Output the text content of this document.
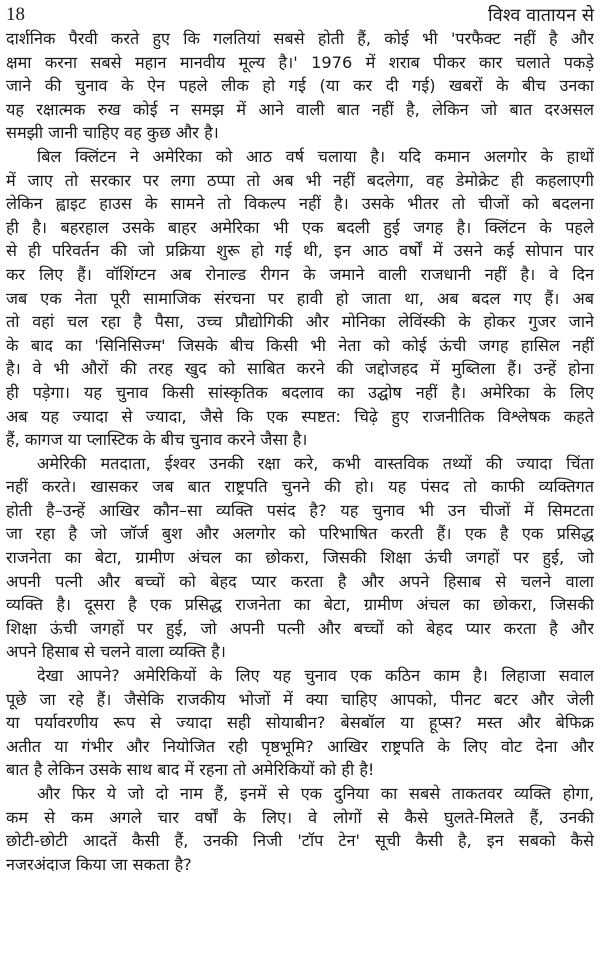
18	विश्व वातायन से
दार्शनिक पैरवी करते हुए कि गलतियां सबसे होती हैं, कोई भी 'परफैक्ट नहीं है और
क्षमा करना सबसे महान मानवीय मूल्य है।' 1976 में शराब पीकर कार चलाते पकड़े
जाने की चुनाव के ऐन पहले लीक हो गई (या कर दी गई) खबरों के बीच उनका
यह रक्षात्मक रुख कोई न समझ में आने वाली बात नहीं है, लेकिन जो बात दरअसल
समझी जानी चाहिए वह कुछ और है।
बिल क्लिंटन ने अमेरिका को आठ वर्ष चलाया है। यदि कमान अलगोर के हाथों
में जाए तो सरकार पर लगा ठप्पा तो अब भी नहीं बदलेगा, वह डेमोक्रेट ही कहलाएगी
लेकिन ह्वाइट हाउस के सामने तो विकल्प नहीं है। उसके भीतर तो चीजों को बदलना
ही है। बहरहाल उसके बाहर अमेरिका भी एक बदली हुई जगह है। क्लिंटन के पहले
से ही परिवर्तन की जो प्रक्रिया शुरू हो गई थी, इन आठ वर्षों में उसने कई सोपान पार
कर लिए हैं। वॉशिंग्टन अब रोनाल्ड रीगन के जमाने वाली राजधानी नहीं है। वे दिन
जब एक नेता पूरी सामाजिक संरचना पर हावी हो जाता था, अब बदल गए हैं। अब
तो वहां चल रहा है पैसा, उच्च प्रौद्योगिकी और मोनिका लेविंस्की के होकर गुजर जाने
के बाद का 'सिनिसिज्म' जिसके बीच किसी भी नेता को कोई ऊंची जगह हासिल नहीं
है। वे भी औरों की तरह खुद को साबित करने की जद्दोजहद में मुब्तिला हैं। उन्हें होना
ही पड़ेगा। यह चुनाव किसी सांस्कृतिक बदलाव का उद्घोष नहीं है। अमेरिका के लिए
अब यह ज्यादा से ज्यादा, जैसे कि एक स्पष्टत: चिढ़े हुए राजनीतिक विश्लेषक कहते
हैं, कागज या प्लास्टिक के बीच चुनाव करने जैसा है।
अमेरिकी मतदाता, ईश्वर उनकी रक्षा करे, कभी वास्तविक तथ्यों की ज्यादा चिंता
नहीं करते। खासकर जब बात राष्ट्रपति चुनने की हो। यह पंसद तो काफी व्यक्तिगत
होती है–उन्हें आखिर कौन–सा व्यक्ति पसंद है? यह चुनाव भी उन चीजों में सिमटता
जा रहा है जो जॉर्ज बुश और अलगोर को परिभाषित करती हैं। एक है एक प्रसिद्ध
राजनेता का बेटा, ग्रामीण अंचल का छोकरा, जिसकी शिक्षा ऊंची जगहों पर हुई, जो
अपनी पत्नी और बच्चों को बेहद प्यार करता है और अपने हिसाब से चलने वाला
व्यक्ति है। दूसरा है एक प्रसिद्ध राजनेता का बेटा, ग्रामीण अंचल का छोकरा, जिसकी
शिक्षा ऊंची जगहों पर हुई, जो अपनी पत्नी और बच्चों को बेहद प्यार करता है और
अपने हिसाब से चलने वाला व्यक्ति है।
देखा आपने? अमेरिकियों के लिए यह चुनाव एक कठिन काम है। लिहाजा सवाल
पूछे जा रहे हैं। जैसेकि राजकीय भोजों में क्या चाहिए आपको, पीनट बटर और जेली
या पर्यावरणीय रूप से ज्यादा सही सोयाबीन? बेसबॉल या हूप्स? मस्त और बेफिक्र
अतीत या गंभीर और नियोजित रही पृष्ठभूमि? आखिर राष्ट्रपति के लिए वोट देना और
बात है लेकिन उसके साथ बाद में रहना तो अमेरिकियों को ही है!
और फिर ये जो दो नाम हैं, इनमें से एक दुनिया का सबसे ताकतवर व्यक्ति होगा,
कम से कम अगले चार वर्षों के लिए। वे लोगों से कैसे घुलते-मिलते हैं, उनकी
छोटी-छोटी आदतें कैसी हैं, उनकी निजी 'टॉप टेन' सूची कैसी है, इन सबको कैसे
नजरअंदाज किया जा सकता है?
